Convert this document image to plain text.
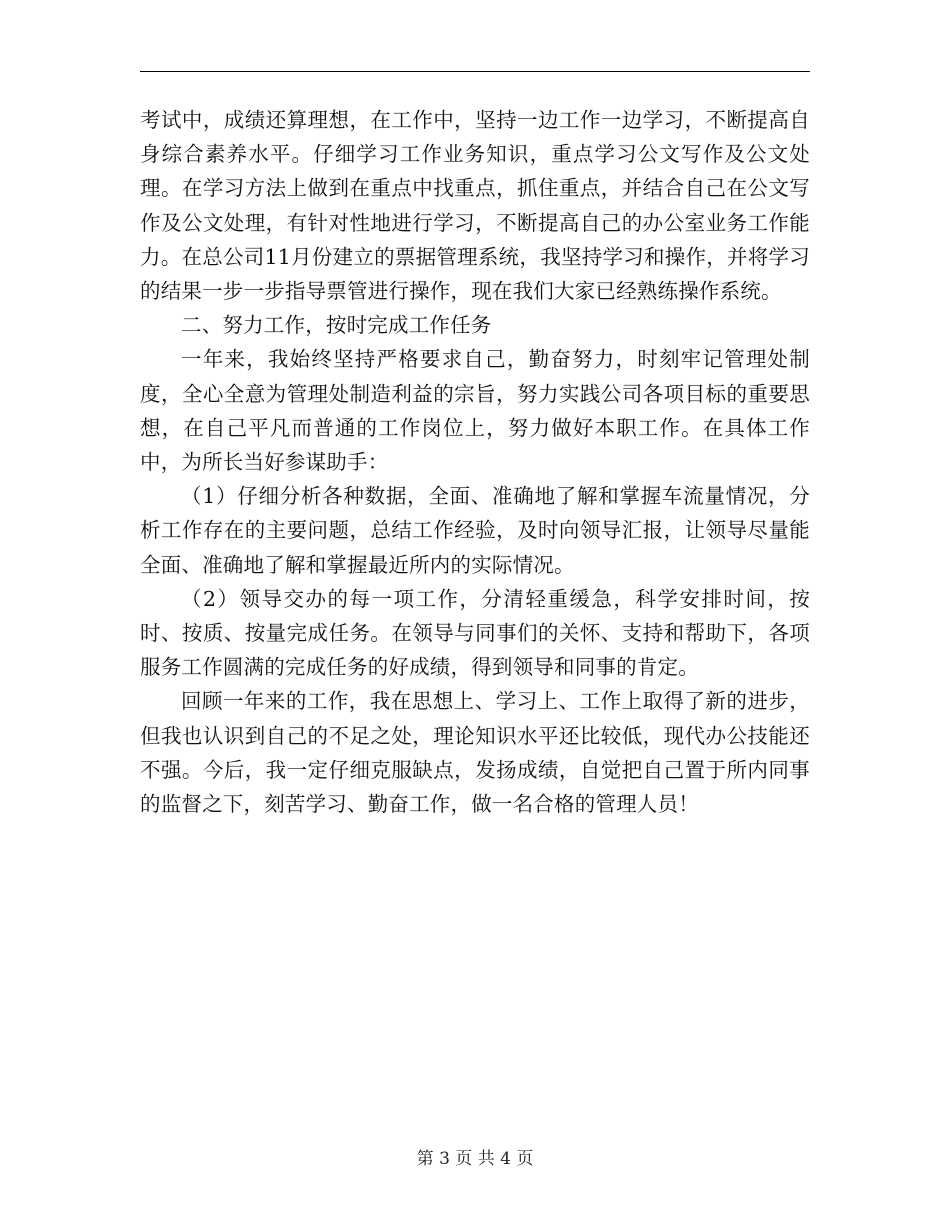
考试中，成绩还算理想，在工作中，坚持一边工作一边学习，不断提高自身综合素养水平。仔细学习工作业务知识，重点学习公文写作及公文处理。在学习方法上做到在重点中找重点，抓住重点，并结合自己在公文写作及公文处理，有针对性地进行学习，不断提高自己的办公室业务工作能力。在总公司11月份建立的票据管理系统，我坚持学习和操作，并将学习的结果一步一步指导票管进行操作，现在我们大家已经熟练操作系统。

二、努力工作，按时完成工作任务

一年来，我始终坚持严格要求自己，勤奋努力，时刻牢记管理处制度，全心全意为管理处制造利益的宗旨，努力实践公司各项目标的重要思想，在自己平凡而普通的工作岗位上，努力做好本职工作。在具体工作中，为所长当好参谋助手：

（1）仔细分析各种数据，全面、准确地了解和掌握车流量情况，分析工作存在的主要问题，总结工作经验，及时向领导汇报，让领导尽量能全面、准确地了解和掌握最近所内的实际情况。

（2）领导交办的每一项工作，分清轻重缓急，科学安排时间，按时、按质、按量完成任务。在领导与同事们的关怀、支持和帮助下，各项服务工作圆满的完成任务的好成绩，得到领导和同事的肯定。

回顾一年来的工作，我在思想上、学习上、工作上取得了新的进步，但我也认识到自己的不足之处，理论知识水平还比较低，现代办公技能还不强。今后，我一定仔细克服缺点，发扬成绩，自觉把自己置于所内同事的监督之下，刻苦学习、勤奋工作，做一名合格的管理人员！

第 3 页 共 4 页
